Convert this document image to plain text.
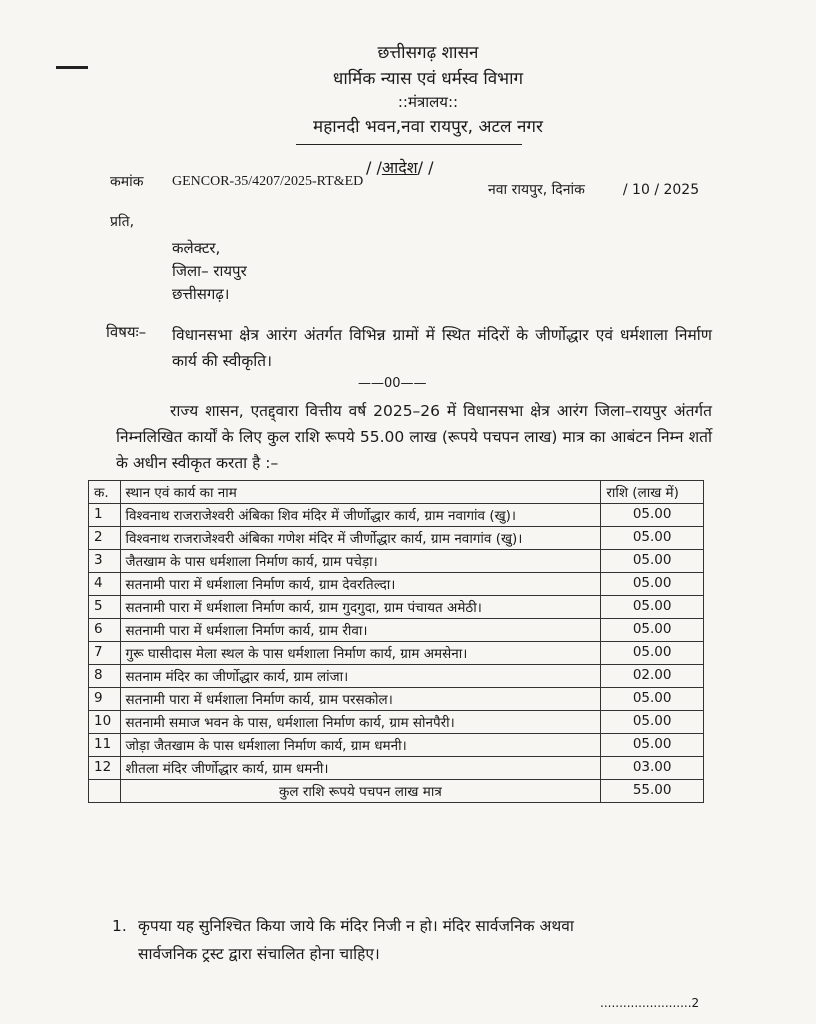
छत्तीसगढ़ शासन
धार्मिक न्यास एवं धर्मस्व विभाग
::मंत्रालय::
महानदी भवन,नवा रायपुर, अटल नगर
/ /आदेश/ /
कमांक GENCOR-35/4207/2025-RT&ED
नवा रायपुर, दिनांक	/ 10 / 2025
प्रति,
कलेक्टर,
जिला– रायपुर
छत्तीसगढ़।
विषयः– विधानसभा क्षेत्र आरंग अंतर्गत विभिन्न ग्रामों में स्थित मंदिरों के जीर्णोद्धार एवं धर्मशाला निर्माण कार्य की स्वीकृति।
——00——
राज्य शासन, एतद्द्वारा वित्तीय वर्ष 2025–26 में विधानसभा क्षेत्र आरंग जिला–रायपुर अंतर्गत निम्नलिखित कार्यों के लिए कुल राशि रूपये 55.00 लाख (रूपये पचपन लाख) मात्र का आबंटन निम्न शर्तो के अधीन स्वीकृत करता है :–
क.	स्थान एवं कार्य का नाम	राशि (लाख में)
1	विश्वनाथ राजराजेश्वरी अंबिका शिव मंदिर में जीर्णोद्धार कार्य, ग्राम नवागांव (खु)।	05.00
2	विश्वनाथ राजराजेश्वरी अंबिका गणेश मंदिर में जीर्णोद्धार कार्य, ग्राम नवागांव (खु)।	05.00
3	जैतखाम के पास धर्मशाला निर्माण कार्य, ग्राम पचेड़ा।	05.00
4	सतनामी पारा में धर्मशाला निर्माण कार्य, ग्राम देवरतिल्दा।	05.00
5	सतनामी पारा में धर्मशाला निर्माण कार्य, ग्राम गुदगुदा, ग्राम पंचायत अमेठी।	05.00
6	सतनामी पारा में धर्मशाला निर्माण कार्य, ग्राम रीवा।	05.00
7	गुरू घासीदास मेला स्थल के पास धर्मशाला निर्माण कार्य, ग्राम अमसेना।	05.00
8	सतनाम मंदिर का जीर्णोद्धार कार्य, ग्राम लांजा।	02.00
9	सतनामी पारा में धर्मशाला निर्माण कार्य, ग्राम परसकोल।	05.00
10	सतनामी समाज भवन के पास, धर्मशाला निर्माण कार्य, ग्राम सोनपैरी।	05.00
11	जोड़ा जैतखाम के पास धर्मशाला निर्माण कार्य, ग्राम धमनी।	05.00
12	शीतला मंदिर जीर्णोद्धार कार्य, ग्राम धमनी।	03.00
	कुल राशि रूपये पचपन लाख मात्र	55.00
1. कृपया यह सुनिश्चित किया जाये कि मंदिर निजी न हो। मंदिर सार्वजनिक अथवा
सार्वजनिक ट्रस्ट द्वारा संचालित होना चाहिए।
........................2
